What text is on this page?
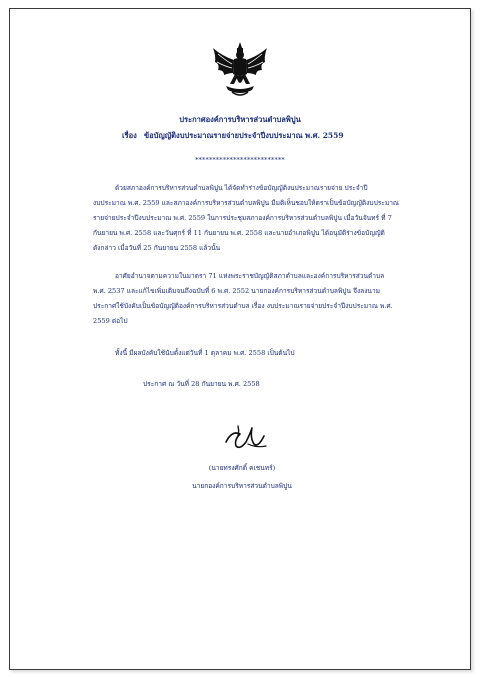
ประกาศองค์การบริหารส่วนตำบลพิปูน
เรื่อง ข้อบัญญัติงบประมาณรายจ่ายประจำปีงบประมาณ พ.ศ. 2559
**************************
ด้วยสภาองค์การบริหารส่วนตำบลพิปูน ได้จัดทำร่างข้อบัญญัติงบประมาณรายจ่าย ประจำปี
งบประมาณ พ.ศ. 2559 และสภาองค์การบริหารส่วนตำบลพิปูน มีมติเห็นชอบให้ตราเป็นข้อบัญญัติงบประมาณ
รายจ่ายประจำปีงบประมาณ พ.ศ. 2559 ในการประชุมสภาองค์การบริหารส่วนตำบลพิปูน เมื่อวันจันทร์ ที่ 7
กันยายน พ.ศ. 2558 และวันศุกร์ ที่ 11 กันยายน พ.ศ. 2558 และนายอำเภอพิปูน ได้อนุมัติร่างข้อบัญญัติ
ดังกล่าว เมื่อวันที่ 25 กันยายน 2558 แล้วนั้น
อาศัยอำนาจตามความในมาตรา 71 แห่งพระราชบัญญัติสภาตำบลและองค์การบริหารส่วนตำบล
พ.ศ. 2537 และแก้ไขเพิ่มเติมจนถึงฉบับที่ 6 พ.ศ. 2552 นายกองค์การบริหารส่วนตำบลพิปูน จึงลงนาม
ประกาศใช้บังคับเป็นข้อบัญญัติองค์การบริหารส่วนตำบล เรื่อง งบประมาณรายจ่ายประจำปีงบประมาณ พ.ศ.
2559 ต่อไป
ทั้งนี้ มีผลบังคับใช้นับตั้งแต่วันที่ 1 ตุลาคม พ.ศ. 2558 เป็นต้นไป
ประกาศ ณ วันที่ 28 กันยายน พ.ศ. 2558
(นายทรงศักดิ์ คเชนทร์)
นายกองค์การบริหารส่วนตำบลพิปูน
